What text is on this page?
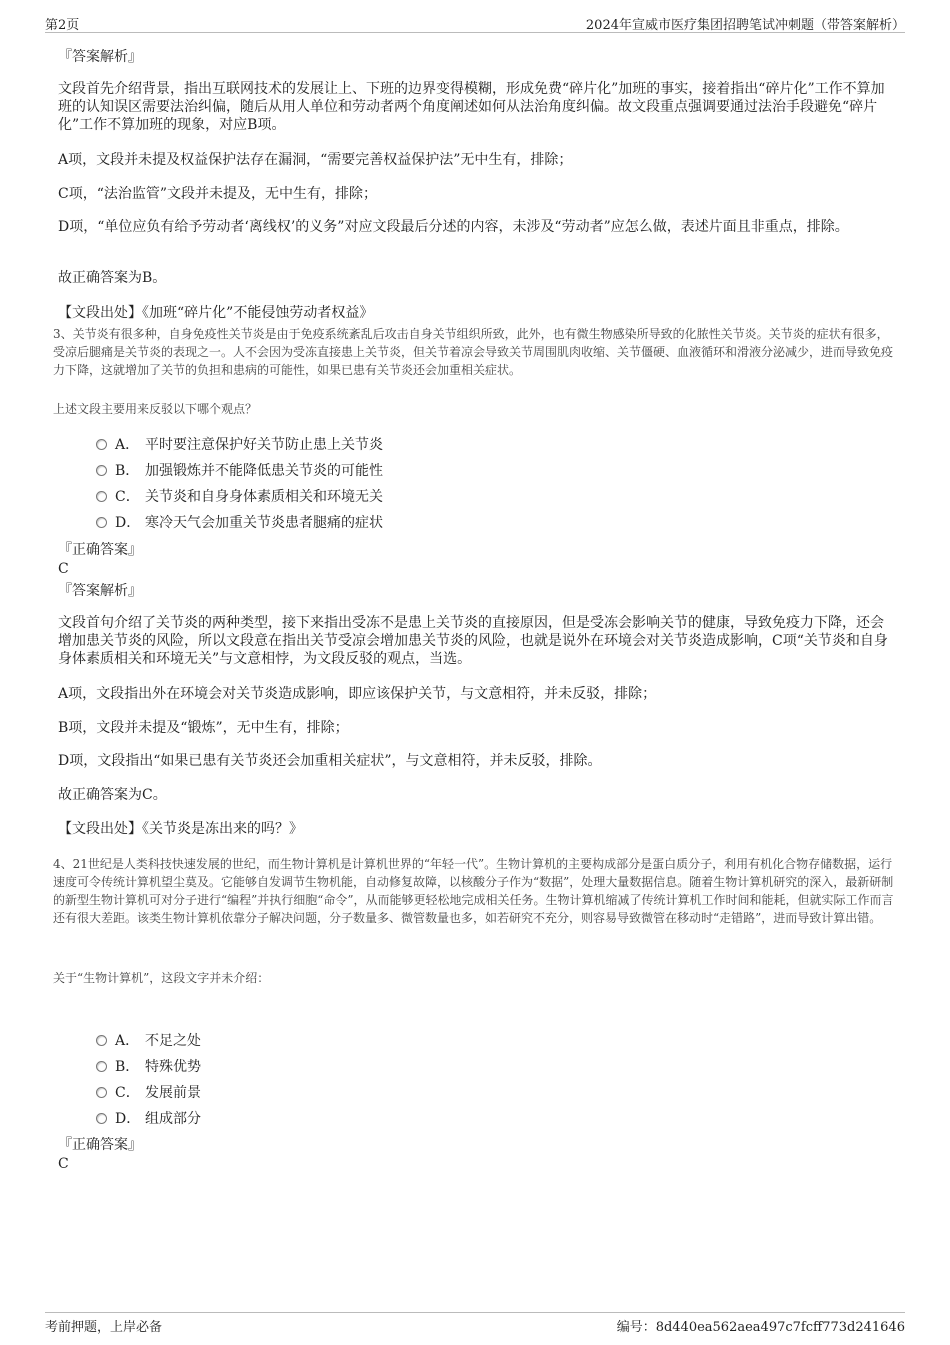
第2页	2024年宣威市医疗集团招聘笔试冲刺题（带答案解析）
『答案解析』
文段首先介绍背景，指出互联网技术的发展让上、下班的边界变得模糊，形成免费“碎片化”加班的事实，接着指出“碎片化”工作不算加班的认知误区需要法治纠偏，随后从用人单位和劳动者两个角度阐述如何从法治角度纠偏。故文段重点强调要通过法治手段避免“碎片化”工作不算加班的现象，对应B项。
A项，文段并未提及权益保护法存在漏洞，“需要完善权益保护法”无中生有，排除；
C项，“法治监管”文段并未提及，无中生有，排除；
D项，“单位应负有给予劳动者‘离线权’的义务”对应文段最后分述的内容，未涉及“劳动者”应怎么做，表述片面且非重点，排除。
故正确答案为B。
【文段出处】《加班“碎片化”不能侵蚀劳动者权益》
3、关节炎有很多种，自身免疫性关节炎是由于免疫系统紊乱后攻击自身关节组织所致，此外，也有微生物感染所导致的化脓性关节炎。关节炎的症状有很多，受凉后腿痛是关节炎的表现之一。人不会因为受冻直接患上关节炎，但关节着凉会导致关节周围肌肉收缩、关节僵硬、血液循环和滑液分泌减少，进而导致免疫力下降，这就增加了关节的负担和患病的可能性，如果已患有关节炎还会加重相关症状。
上述文段主要用来反驳以下哪个观点？
A． 平时要注意保护好关节防止患上关节炎
B． 加强锻炼并不能降低患关节炎的可能性
C． 关节炎和自身身体素质相关和环境无关
D． 寒冷天气会加重关节炎患者腿痛的症状
『正确答案』
C
『答案解析』
文段首句介绍了关节炎的两种类型，接下来指出受冻不是患上关节炎的直接原因，但是受冻会影响关节的健康，导致免疫力下降，还会增加患关节炎的风险，所以文段意在指出关节受凉会增加患关节炎的风险，也就是说外在环境会对关节炎造成影响，C项“关节炎和自身身体素质相关和环境无关”与文意相悖，为文段反驳的观点，当选。
A项，文段指出外在环境会对关节炎造成影响，即应该保护关节，与文意相符，并未反驳，排除；
B项，文段并未提及“锻炼”，无中生有，排除；
D项，文段指出“如果已患有关节炎还会加重相关症状”，与文意相符，并未反驳，排除。
故正确答案为C。
【文段出处】《关节炎是冻出来的吗？》
4、21世纪是人类科技快速发展的世纪，而生物计算机是计算机世界的“年轻一代”。生物计算机的主要构成部分是蛋白质分子，利用有机化合物存储数据，运行速度可令传统计算机望尘莫及。它能够自发调节生物机能，自动修复故障，以核酸分子作为“数据”，处理大量数据信息。随着生物计算机研究的深入，最新研制的新型生物计算机可对分子进行“编程”并执行细胞“命令”，从而能够更轻松地完成相关任务。生物计算机缩减了传统计算机工作时间和能耗，但就实际工作而言还有很大差距。该类生物计算机依靠分子解决问题，分子数量多、微管数量也多，如若研究不充分，则容易导致微管在移动时“走错路”，进而导致计算出错。
关于“生物计算机”，这段文字并未介绍：
A． 不足之处
B． 特殊优势
C． 发展前景
D． 组成部分
『正确答案』
C
考前押题，上岸必备	编号：8d440ea562aea497c7fcff773d241646
